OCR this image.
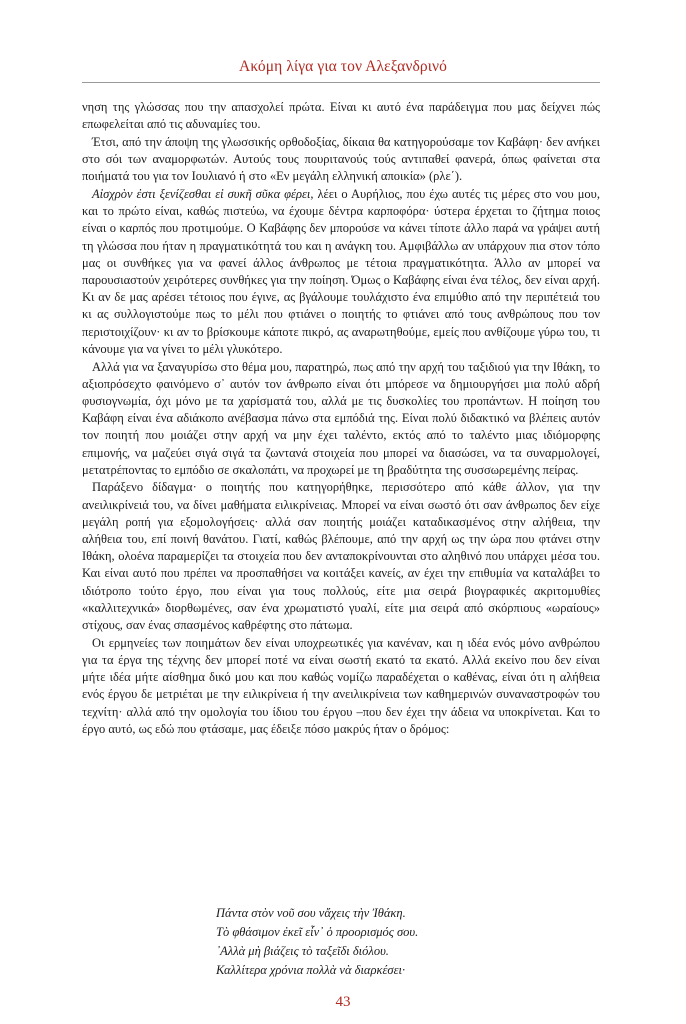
Ακόμη λίγα για τον Αλεξανδρινό

νηση της γλώσσας που την απασχολεί πρώτα. Είναι κι αυτό ένα παράδειγμα που μας δείχνει πώς επωφελείται από τις αδυναμίες του.

Έτσι, από την άποψη της γλωσσικής ορθοδοξίας, δίκαια θα κατηγορούσαμε τον Καβάφη· δεν ανήκει στο σόι των αναμορφωτών. Αυτούς τους πουριτανούς τούς αντιπαθεί φανερά, όπως φαίνεται στα ποιήματά του για τον Ιουλιανό ή στο «Εν μεγάλη ελληνική αποικία» (ρλε΄).

Αἰσχρὸν ἐστι ξενίζεσθαι εἰ συκῆ σῦκα φέρει, λέει ο Αυρήλιος, που έχω αυτές τις μέρες στο νου μου, και το πρώτο είναι, καθώς πιστεύω, να έχουμε δέντρα καρποφόρα· ύστερα έρχεται το ζήτημα ποιος είναι ο καρπός που προτιμούμε. Ο Καβάφης δεν μπορούσε να κάνει τίποτε άλλο παρά να γράψει αυτή τη γλώσσα που ήταν η πραγματικότητά του και η ανάγκη του. Αμφιβάλλω αν υπάρχουν πια στον τόπο μας οι συνθήκες για να φανεί άλλος άνθρωπος με τέτοια πραγματικότητα. Άλλο αν μπορεί να παρουσιαστούν χειρότερες συνθήκες για την ποίηση. Όμως ο Καβάφης είναι ένα τέλος, δεν είναι αρχή. Κι αν δε μας αρέσει τέτοιος που έγινε, ας βγάλουμε τουλάχιστο ένα επιμύθιο από την περιπέτειά του κι ας συλλογιστούμε πως το μέλι που φτιάνει ο ποιητής το φτιάνει από τους ανθρώπους που τον περιστοιχίζουν· κι αν το βρίσκουμε κάποτε πικρό, ας αναρωτηθούμε, εμείς που ανθίζουμε γύρω του, τι κάνουμε για να γίνει το μέλι γλυκότερο.

Αλλά για να ξαναγυρίσω στο θέμα μου, παρατηρώ, πως από την αρχή του ταξιδιού για την Ιθάκη, το αξιοπρόσεχτο φαινόμενο σ᾽ αυτόν τον άνθρωπο είναι ότι μπόρεσε να δημιουργήσει μια πολύ αδρή φυσιογνωμία, όχι μόνο με τα χαρίσματά του, αλλά με τις δυσκολίες του προπάντων. Η ποίηση του Καβάφη είναι ένα αδιάκοπο ανέβασμα πάνω στα εμπόδιά της. Είναι πολύ διδακτικό να βλέπεις αυτόν τον ποιητή που μοιάζει στην αρχή να μην έχει ταλέντο, εκτός από το ταλέντο μιας ιδιόμορφης επιμονής, να μαζεύει σιγά σιγά τα ζωντανά στοιχεία που μπορεί να διασώσει, να τα συναρμολογεί, μετατρέποντας το εμπόδιο σε σκαλοπάτι, να προχωρεί με τη βραδύτητα της συσσωρεμένης πείρας.

Παράξενο δίδαγμα· ο ποιητής που κατηγορήθηκε, περισσότερο από κάθε άλλον, για την ανειλικρίνειά του, να δίνει μαθήματα ειλικρίνειας. Μπορεί να είναι σωστό ότι σαν άνθρωπος δεν είχε μεγάλη ροπή για εξομολογήσεις· αλλά σαν ποιητής μοιάζει καταδικασμένος στην αλήθεια, την αλήθεια του, επί ποινή θανάτου. Γιατί, καθώς βλέπουμε, από την αρχή ως την ώρα που φτάνει στην Ιθάκη, ολοένα παραμερίζει τα στοιχεία που δεν ανταποκρίνουνται στο αληθινό που υπάρχει μέσα του. Και είναι αυτό που πρέπει να προσπαθήσει να κοιτάξει κανείς, αν έχει την επιθυμία να καταλάβει το ιδιότροπο τούτο έργο, που είναι για τους πολλούς, είτε μια σειρά βιογραφικές ακριτομυθίες «καλλιτεχνικά» διορθωμένες, σαν ένα χρωματιστό γυαλί, είτε μια σειρά από σκόρπιους «ωραίους» στίχους, σαν ένας σπασμένος καθρέφτης στο πάτωμα.

Οι ερμηνείες των ποιημάτων δεν είναι υποχρεωτικές για κανέναν, και η ιδέα ενός μόνο ανθρώπου για τα έργα της τέχνης δεν μπορεί ποτέ να είναι σωστή εκατό τα εκατό. Αλλά εκείνο που δεν είναι μήτε ιδέα μήτε αίσθημα δικό μου και που καθώς νομίζω παραδέχεται ο καθένας, είναι ότι η αλήθεια ενός έργου δε μετριέται με την ειλικρίνεια ή την ανειλικρίνεια των καθημερινών συναναστροφών του τεχνίτη· αλλά από την ομολογία του ίδιου του έργου –που δεν έχει την άδεια να υποκρίνεται. Και το έργο αυτό, ως εδώ που φτάσαμε, μας έδειξε πόσο μακρύς ήταν ο δρόμος:

Πάντα στὸν νοῦ σου νἄχεις τὴν Ἰθάκη.
Τὸ φθάσιμον ἐκεῖ εἶν᾽ ὁ προορισμός σου.
᾽Αλλὰ μὴ βιάζεις τὸ ταξεῖδι διόλου.
Καλλίτερα χρόνια πολλὰ νὰ διαρκέσει·
43
